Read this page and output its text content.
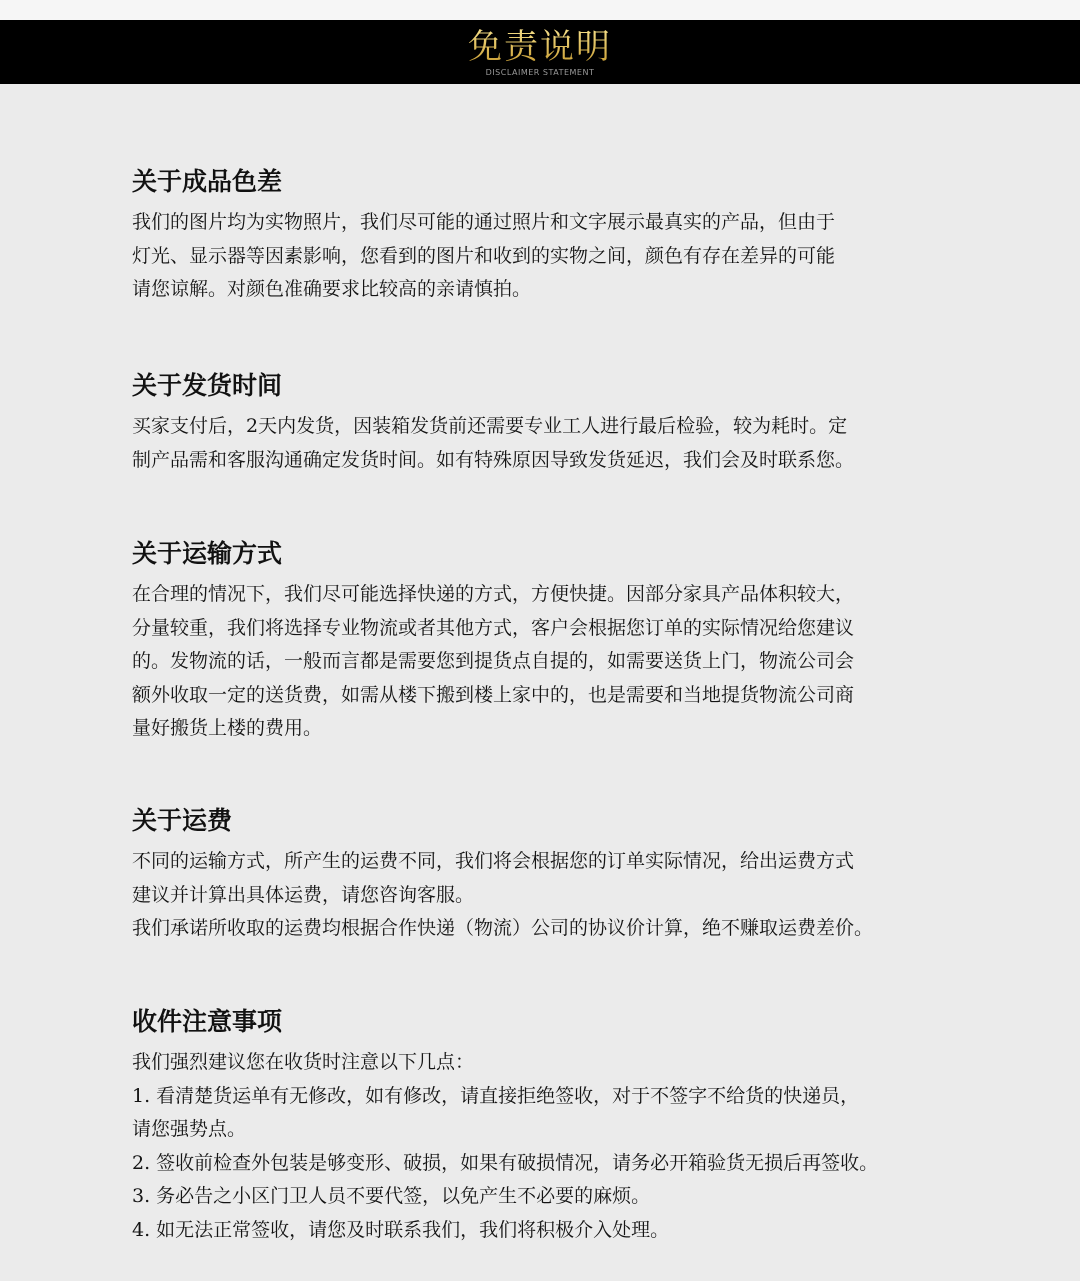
免责说明
DISCLAIMER STATEMENT
关于成品色差

我们的图片均为实物照片，我们尽可能的通过照片和文字展示最真实的产品，但由于

灯光、显示器等因素影响，您看到的图片和收到的实物之间，颜色有存在差异的可能

请您谅解。对颜色准确要求比较高的亲请慎拍。

关于发货时间

买家支付后，2天内发货，因装箱发货前还需要专业工人进行最后检验，较为耗时。定

制产品需和客服沟通确定发货时间。如有特殊原因导致发货延迟，我们会及时联系您。

关于运输方式

在合理的情况下，我们尽可能选择快递的方式，方便快捷。因部分家具产品体积较大，

分量较重，我们将选择专业物流或者其他方式，客户会根据您订单的实际情况给您建议

的。发物流的话，一般而言都是需要您到提货点自提的，如需要送货上门，物流公司会

额外收取一定的送货费，如需从楼下搬到楼上家中的，也是需要和当地提货物流公司商

量好搬货上楼的费用。

关于运费

不同的运输方式，所产生的运费不同，我们将会根据您的订单实际情况，给出运费方式

建议并计算出具体运费，请您咨询客服。

我们承诺所收取的运费均根据合作快递（物流）公司的协议价计算，绝不赚取运费差价。

收件注意事项

我们强烈建议您在收货时注意以下几点：

1. 看清楚货运单有无修改，如有修改，请直接拒绝签收，对于不签字不给货的快递员，

请您强势点。

2. 签收前检查外包装是够变形、破损，如果有破损情况，请务必开箱验货无损后再签收。

3. 务必告之小区门卫人员不要代签，以免产生不必要的麻烦。

4. 如无法正常签收，请您及时联系我们，我们将积极介入处理。
